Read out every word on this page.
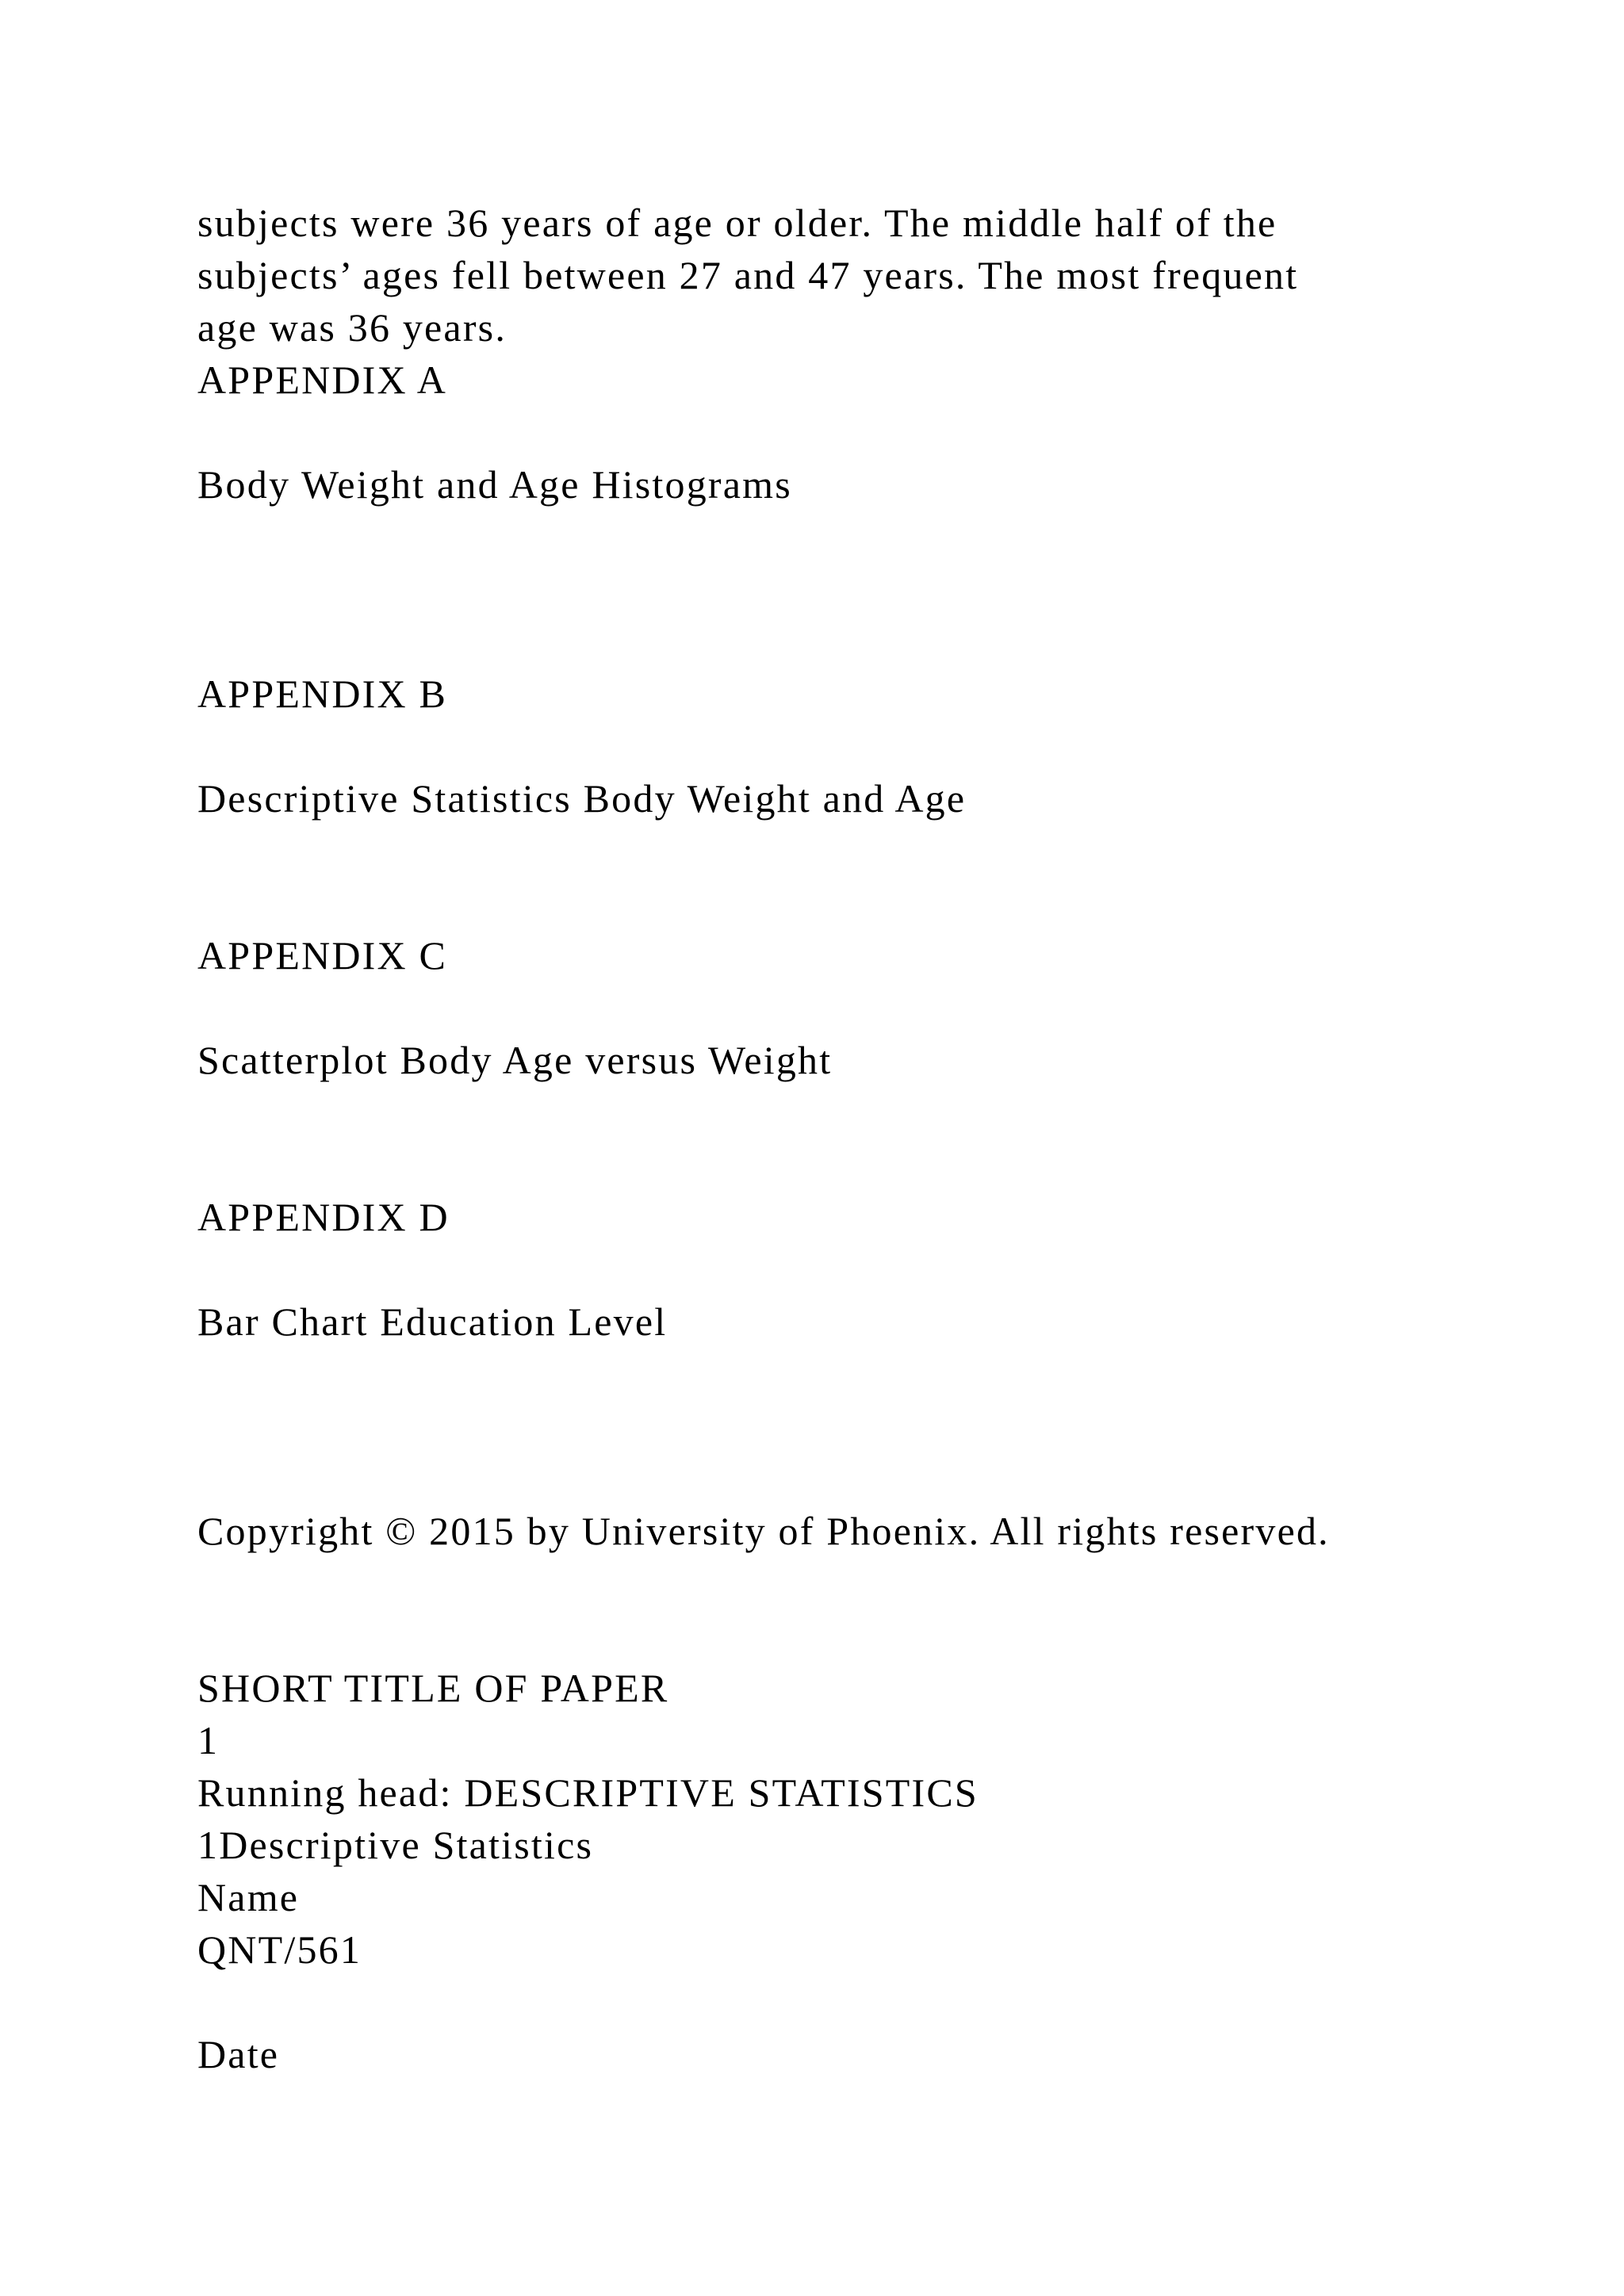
subjects were 36 years of age or older. The middle half of the

subjects’ ages fell between 27 and 47 years. The most frequent

age was 36 years.

APPENDIX A

Body Weight and Age Histograms

APPENDIX B

Descriptive Statistics Body Weight and Age

APPENDIX C

Scatterplot Body Age versus Weight

APPENDIX D

Bar Chart Education Level

Copyright © 2015 by University of Phoenix. All rights reserved.

SHORT TITLE OF PAPER

1

Running head: DESCRIPTIVE STATISTICS

1Descriptive Statistics

Name

QNT/561

Date
